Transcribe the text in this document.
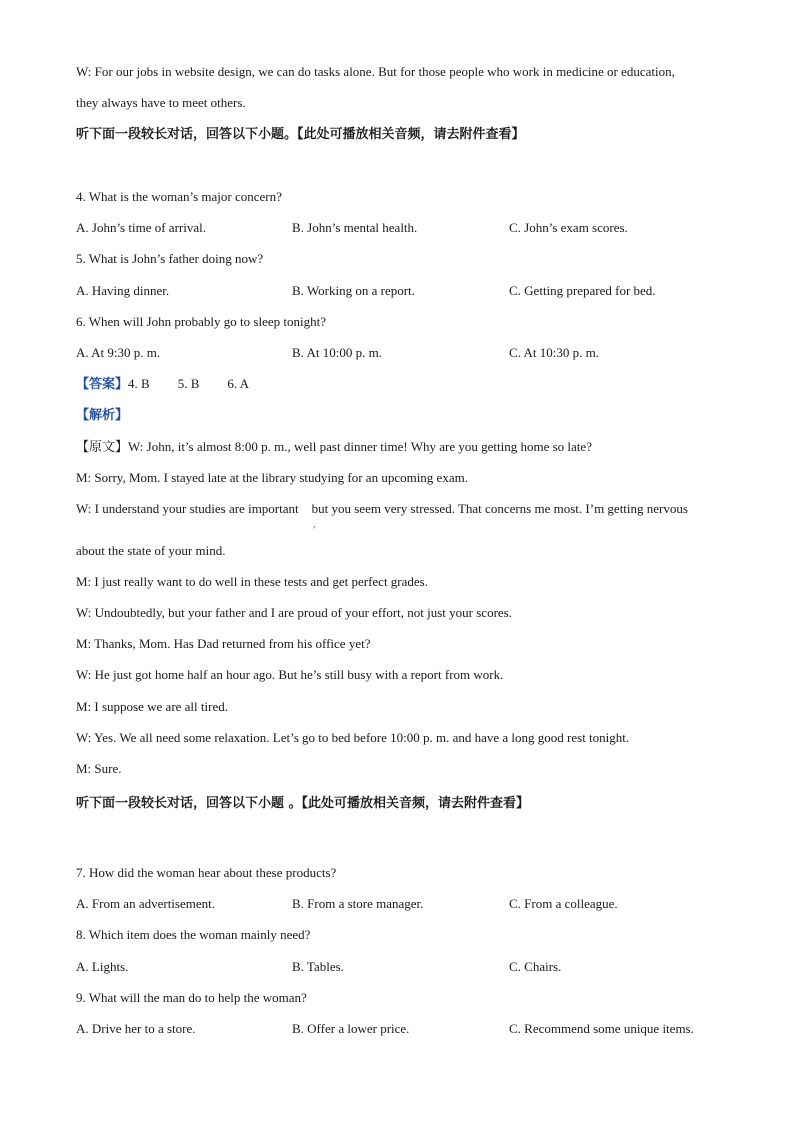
W: For our jobs in website design, we can do tasks alone. But for those people who work in medicine or education,
they always have to meet others.
听下面一段较长对话，回答以下小题。【此处可播放相关音频，请去附件查看】
4. What is the woman’s major concern?
A. John’s time of arrival.	B. John’s mental health.	C. John’s exam scores.
5. What is John’s father doing now?
A. Having dinner.	B. Working on a report.	C. Getting prepared for bed.
6. When will John probably go to sleep tonight?
A. At 9:30 p. m.	B. At 10:00 p. m.	C. At 10:30 p. m.
【答案】4. B 5. B 6. A
【解析】
【原文】W: John, it’s almost 8:00 p. m., well past dinner time! Why are you getting home so late?
M: Sorry, Mom. I stayed late at the library studying for an upcoming exam.
W: I understand your studies are important    but you seem very stressed. That concerns me most. I’m getting nervous
,
about the state of your mind.
M: I just really want to do well in these tests and get perfect grades.
W: Undoubtedly, but your father and I are proud of your effort, not just your scores.
M: Thanks, Mom. Has Dad returned from his office yet?
W: He just got home half an hour ago. But he’s still busy with a report from work.
M: I suppose we are all tired.
W: Yes. We all need some relaxation. Let’s go to bed before 10:00 p. m. and have a long good rest tonight.
M: Sure.
听下面一段较长对话，回答以下小题 。【此处可播放相关音频，请去附件查看】
7. How did the woman hear about these products?
A. From an advertisement.	B. From a store manager.	C. From a colleague.
8. Which item does the woman mainly need?
A. Lights.	B. Tables.	C. Chairs.
9. What will the man do to help the woman?
A. Drive her to a store.	B. Offer a lower price.	C. Recommend some unique items.
